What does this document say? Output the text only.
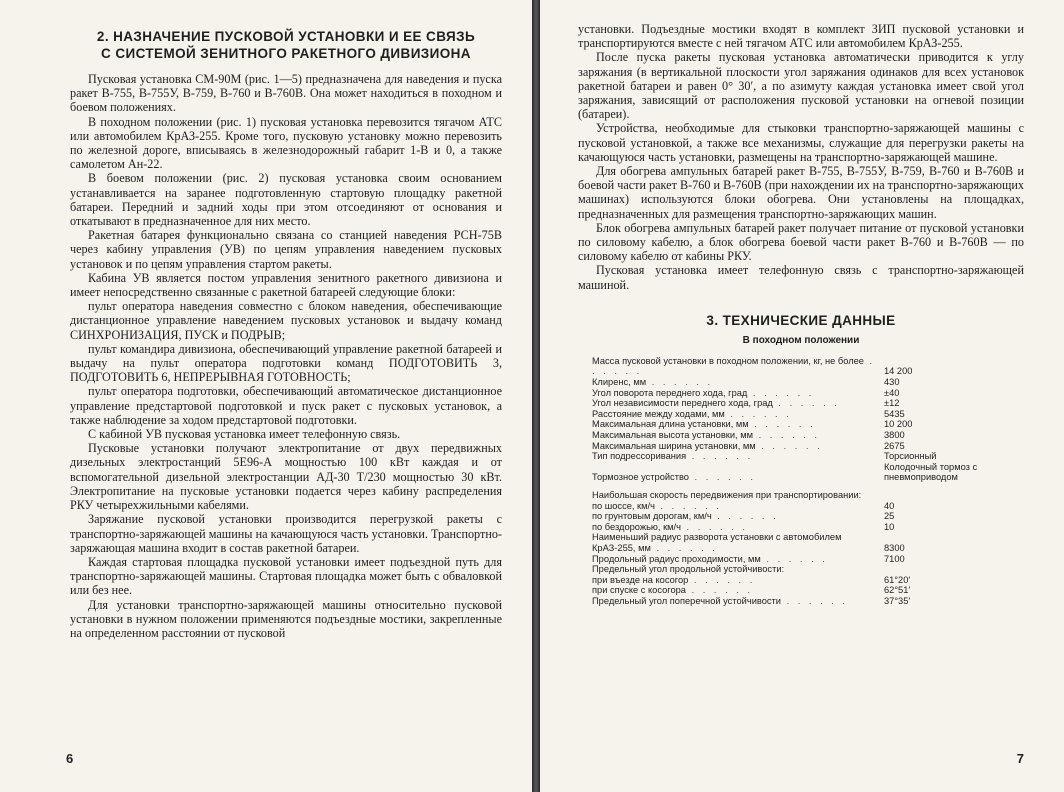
2. НАЗНАЧЕНИЕ ПУСКОВОЙ УСТАНОВКИ И ЕЕ СВЯЗЬ
С СИСТЕМОЙ ЗЕНИТНОГО РАКЕТНОГО ДИВИЗИОНА

Пусковая установка СМ-90М (рис. 1—5) предназначена для наведения и пуска ракет В-755, В-755У, В-759, В-760 и В-760В. Она может находиться в походном и боевом положениях.

В походном положении (рис. 1) пусковая установка перевозится тягачом АТС или автомобилем КрАЗ-255. Кроме того, пусковую установку можно перевозить по железной дороге, вписываясь в железнодорожный габарит 1-В и 0, а также самолетом Ан-22.

В боевом положении (рис. 2) пусковая установка своим основанием устанавливается на заранее подготовленную стартовую площадку ракетной батареи. Передний и задний ходы при этом отсоединяют от основания и откатывают в предназначенное для них место.

Ракетная батарея функционально связана со станцией наведения РСН-75В через кабину управления (УВ) по цепям управления наведением пусковых установок и по цепям управления стартом ракеты.

Кабина УВ является постом управления зенитного ракетного дивизиона и имеет непосредственно связанные с ракетной батареей следующие блоки:

пульт оператора наведения совместно с блоком наведения, обеспечивающие дистанционное управление наведением пусковых установок и выдачу команд СИНХРОНИЗАЦИЯ, ПУСК и ПОДРЫВ;

пульт командира дивизиона, обеспечивающий управление ракетной батареей и выдачу на пульт оператора подготовки команд ПОДГОТОВИТЬ 3, ПОДГОТОВИТЬ 6, НЕПРЕРЫВНАЯ ГОТОВНОСТЬ;

пульт оператора подготовки, обеспечивающий автоматическое дистанционное управление предстартовой подготовкой и пуск ракет с пусковых установок, а также наблюдение за ходом предстартовой подготовки.

С кабиной УВ пусковая установка имеет телефонную связь.

Пусковые установки получают электропитание от двух передвижных дизельных электростанций 5Е96-А мощностью 100 кВт каждая и от вспомогательной дизельной электростанции АД-30 Т/230 мощностью 30 кВт. Электропитание на пусковые установки подается через кабину распределения РКУ четырехжильными кабелями.

Заряжание пусковой установки производится перегрузкой ракеты с транспортно-заряжающей машины на качающуюся часть установки. Транспортно-заряжающая машина входит в состав ракетной батареи.

Каждая стартовая площадка пусковой установки имеет подъездной путь для транспортно-заряжающей машины. Стартовая площадка может быть с обваловкой или без нее.

Для установки транспортно-заряжающей машины относительно пусковой установки в нужном положении применяются подъездные мостики, закрепленные на определенном расстоянии от пусковой

6

установки. Подъездные мостики входят в комплект ЗИП пусковой установки и транспортируются вместе с ней тягачом АТС или автомобилем КрАЗ-255.

После пуска ракеты пусковая установка автоматически приводится к углу заряжания (в вертикальной плоскости угол заряжания одинаков для всех установок ракетной батареи и равен 0° 30′, а по азимуту каждая установка имеет свой угол заряжания, зависящий от расположения пусковой установки на огневой позиции (батареи).

Устройства, необходимые для стыковки транспортно-заряжающей машины с пусковой установкой, а также все механизмы, служащие для перегрузки ракеты на качающуюся часть установки, размещены на транспортно-заряжающей машине.

Для обогрева ампульных батарей ракет В-755, В-755У, В-759, В-760 и В-760В и боевой части ракет В-760 и В-760В (при нахождении их на транспортно-заряжающих машинах) используются блоки обогрева. Они установлены на площадках, предназначенных для размещения транспортно-заряжающих машин.

Блок обогрева ампульных батарей ракет получает питание от пусковой установки по силовому кабелю, а блок обогрева боевой части ракет В-760 и В-760В — по силовому кабелю от кабины РКУ.

Пусковая установка имеет телефонную связь с транспортно-заряжающей машиной.

3. ТЕХНИЧЕСКИЕ ДАННЫЕ
В походном положении
Масса пусковой установки в походном положении, кг, не более . . . . . .	14 200
Клиренс, мм . . . . . .	430
Угол поворота переднего хода, град . . . . . .	±40
Угол независимости переднего хода, град . . . . . .	±12
Расстояние между ходами, мм . . . . . .	5435
Максимальная длина установки, мм . . . . . .	10 200
Максимальная высота установки, мм . . . . . .	3800
Максимальная ширина установки, мм . . . . . .	2675
Тип подрессоривания . . . . . .	Торсионный
Тормозное устройство . . . . . .	Колодочный тормоз с пневмоприводом

Наибольшая скорость передвижения при транспортировании:	
по шоссе, км/ч . . . . . .	40
по грунтовым дорогам, км/ч . . . . . .	25
по бездорожью, км/ч . . . . . .	10
Наименьший радиус разворота установки с автомобилем КрАЗ-255, мм . . . . . .	8300
Продольный радиус проходимости, мм . . . . . .	7100
Предельный угол продольной устойчивости:	
при въезде на косогор . . . . . .	61°20′
при спуске с косогора . . . . . .	62°51′
Предельный угол поперечной устойчивости . . . . . .	37°35′
7
